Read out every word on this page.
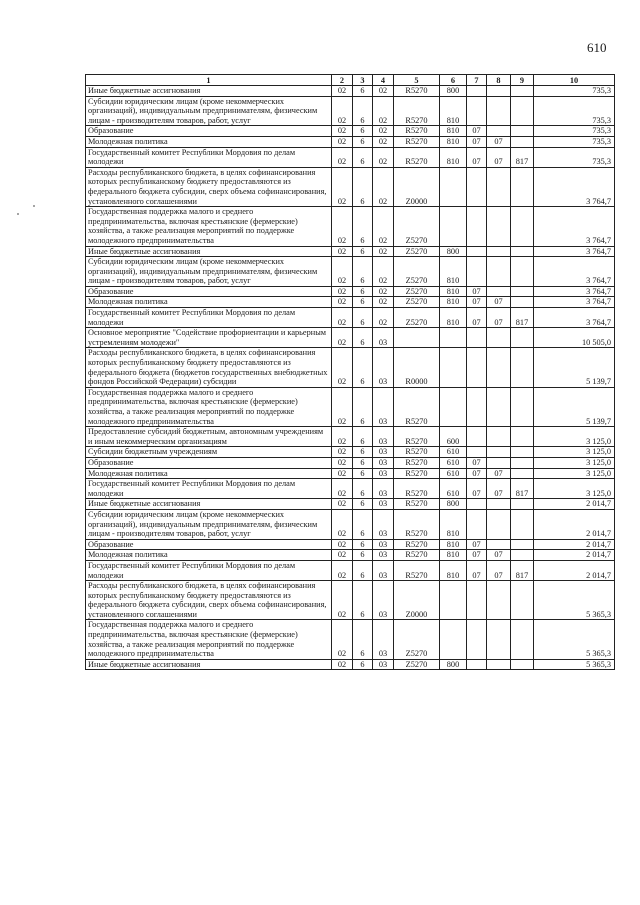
610
1	2	3	4	5	6	7	8	9	10
Иные бюджетные ассигнования	02	6	02	R5270	800				735,3
Субсидии юридическим лицам (кроме некоммерческих организаций), индивидуальным предпринимателям, физическим лицам - производителям товаров, работ, услуг	02	6	02	R5270	810				735,3
Образование	02	6	02	R5270	810	07			735,3
Молодежная политика	02	6	02	R5270	810	07	07		735,3
Государственный комитет Республики Мордовия по делам молодежи	02	6	02	R5270	810	07	07	817	735,3
Расходы республиканского бюджета, в целях софинансирования которых республиканскому бюджету предоставляются из федерального бюджета субсидии, сверх объема софинансирования, установленного соглашениями	02	6	02	Z0000					3 764,7
Государственная поддержка малого и среднего предпринимательства, включая крестьянские (фермерские) хозяйства, а также реализация мероприятий по поддержке молодежного предпринимательства	02	6	02	Z5270					3 764,7
Иные бюджетные ассигнования	02	6	02	Z5270	800				3 764,7
Субсидии юридическим лицам (кроме некоммерческих организаций), индивидуальным предпринимателям, физическим лицам - производителям товаров, работ, услуг	02	6	02	Z5270	810				3 764,7
Образование	02	6	02	Z5270	810	07			3 764,7
Молодежная политика	02	6	02	Z5270	810	07	07		3 764,7
Государственный комитет Республики Мордовия по делам молодежи	02	6	02	Z5270	810	07	07	817	3 764,7
Основное мероприятие "Содействие профориентации и карьерным устремлениям молодежи"	02	6	03						10 505,0
Расходы республиканского бюджета, в целях софинансирования которых республиканскому бюджету предоставляются из федерального бюджета (бюджетов государственных внебюджетных фондов Российской Федерации) субсидии	02	6	03	R0000					5 139,7
Государственная поддержка малого и среднего предпринимательства, включая крестьянские (фермерские) хозяйства, а также реализация мероприятий по поддержке молодежного предпринимательства	02	6	03	R5270					5 139,7
Предоставление субсидий бюджетным, автономным учреждениям и иным некоммерческим организациям	02	6	03	R5270	600				3 125,0
Субсидии бюджетным учреждениям	02	6	03	R5270	610				3 125,0
Образование	02	6	03	R5270	610	07			3 125,0
Молодежная политика	02	6	03	R5270	610	07	07		3 125,0
Государственный комитет Республики Мордовия по делам молодежи	02	6	03	R5270	610	07	07	817	3 125,0
Иные бюджетные ассигнования	02	6	03	R5270	800				2 014,7
Субсидии юридическим лицам (кроме некоммерческих организаций), индивидуальным предпринимателям, физическим лицам - производителям товаров, работ, услуг	02	6	03	R5270	810				2 014,7
Образование	02	6	03	R5270	810	07			2 014,7
Молодежная политика	02	6	03	R5270	810	07	07		2 014,7
Государственный комитет Республики Мордовия по делам молодежи	02	6	03	R5270	810	07	07	817	2 014,7
Расходы республиканского бюджета, в целях софинансирования которых республиканскому бюджету предоставляются из федерального бюджета субсидии, сверх объема софинансирования, установленного соглашениями	02	6	03	Z0000					5 365,3
Государственная поддержка малого и среднего предпринимательства, включая крестьянские (фермерские) хозяйства, а также реализация мероприятий по поддержке молодежного предпринимательства	02	6	03	Z5270					5 365,3
Иные бюджетные ассигнования	02	6	03	Z5270	800				5 365,3
